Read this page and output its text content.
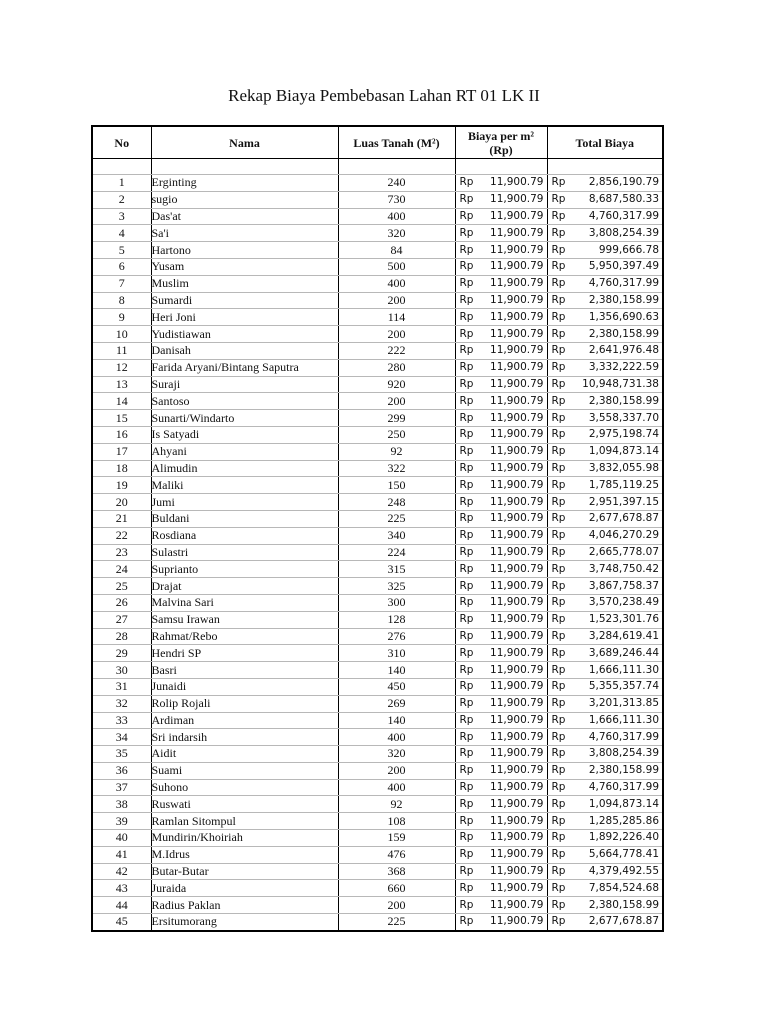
Rekap Biaya Pembebasan Lahan RT 01 LK II
No	Nama	Luas Tanah (M²)	Biaya per m² (Rp)	Total Biaya

1	Erginting	240	Rp 11,900.79	Rp 2,856,190.79

2	sugio	730	Rp 11,900.79	Rp 8,687,580.33

3	Das'at	400	Rp 11,900.79	Rp 4,760,317.99

4	Sa'i	320	Rp 11,900.79	Rp 3,808,254.39

5	Hartono	84	Rp 11,900.79	Rp 999,666.78

6	Yusam	500	Rp 11,900.79	Rp 5,950,397.49

7	Muslim	400	Rp 11,900.79	Rp 4,760,317.99

8	Sumardi	200	Rp 11,900.79	Rp 2,380,158.99

9	Heri Joni	114	Rp 11,900.79	Rp 1,356,690.63

10	Yudistiawan	200	Rp 11,900.79	Rp 2,380,158.99

11	Danisah	222	Rp 11,900.79	Rp 2,641,976.48

12	Farida Aryani/Bintang Saputra	280	Rp 11,900.79	Rp 3,332,222.59

13	Suraji	920	Rp 11,900.79	Rp 10,948,731.38

14	Santoso	200	Rp 11,900.79	Rp 2,380,158.99

15	Sunarti/Windarto	299	Rp 11,900.79	Rp 3,558,337.70

16	Is Satyadi	250	Rp 11,900.79	Rp 2,975,198.74

17	Ahyani	92	Rp 11,900.79	Rp 1,094,873.14

18	Alimudin	322	Rp 11,900.79	Rp 3,832,055.98

19	Maliki	150	Rp 11,900.79	Rp 1,785,119.25

20	Jumi	248	Rp 11,900.79	Rp 2,951,397.15

21	Buldani	225	Rp 11,900.79	Rp 2,677,678.87

22	Rosdiana	340	Rp 11,900.79	Rp 4,046,270.29

23	Sulastri	224	Rp 11,900.79	Rp 2,665,778.07

24	Suprianto	315	Rp 11,900.79	Rp 3,748,750.42

25	Drajat	325	Rp 11,900.79	Rp 3,867,758.37

26	Malvina Sari	300	Rp 11,900.79	Rp 3,570,238.49

27	Samsu Irawan	128	Rp 11,900.79	Rp 1,523,301.76

28	Rahmat/Rebo	276	Rp 11,900.79	Rp 3,284,619.41

29	Hendri SP	310	Rp 11,900.79	Rp 3,689,246.44

30	Basri	140	Rp 11,900.79	Rp 1,666,111.30

31	Junaidi	450	Rp 11,900.79	Rp 5,355,357.74

32	Rolip Rojali	269	Rp 11,900.79	Rp 3,201,313.85

33	Ardiman	140	Rp 11,900.79	Rp 1,666,111.30

34	Sri indarsih	400	Rp 11,900.79	Rp 4,760,317.99

35	Aidit	320	Rp 11,900.79	Rp 3,808,254.39

36	Suami	200	Rp 11,900.79	Rp 2,380,158.99

37	Suhono	400	Rp 11,900.79	Rp 4,760,317.99

38	Ruswati	92	Rp 11,900.79	Rp 1,094,873.14

39	Ramlan Sitompul	108	Rp 11,900.79	Rp 1,285,285.86

40	Mundirin/Khoiriah	159	Rp 11,900.79	Rp 1,892,226.40

41	M.Idrus	476	Rp 11,900.79	Rp 5,664,778.41

42	Butar-Butar	368	Rp 11,900.79	Rp 4,379,492.55

43	Juraida	660	Rp 11,900.79	Rp 7,854,524.68

44	Radius Paklan	200	Rp 11,900.79	Rp 2,380,158.99

45	Ersitumorang	225	Rp 11,900.79	Rp 2,677,678.87
